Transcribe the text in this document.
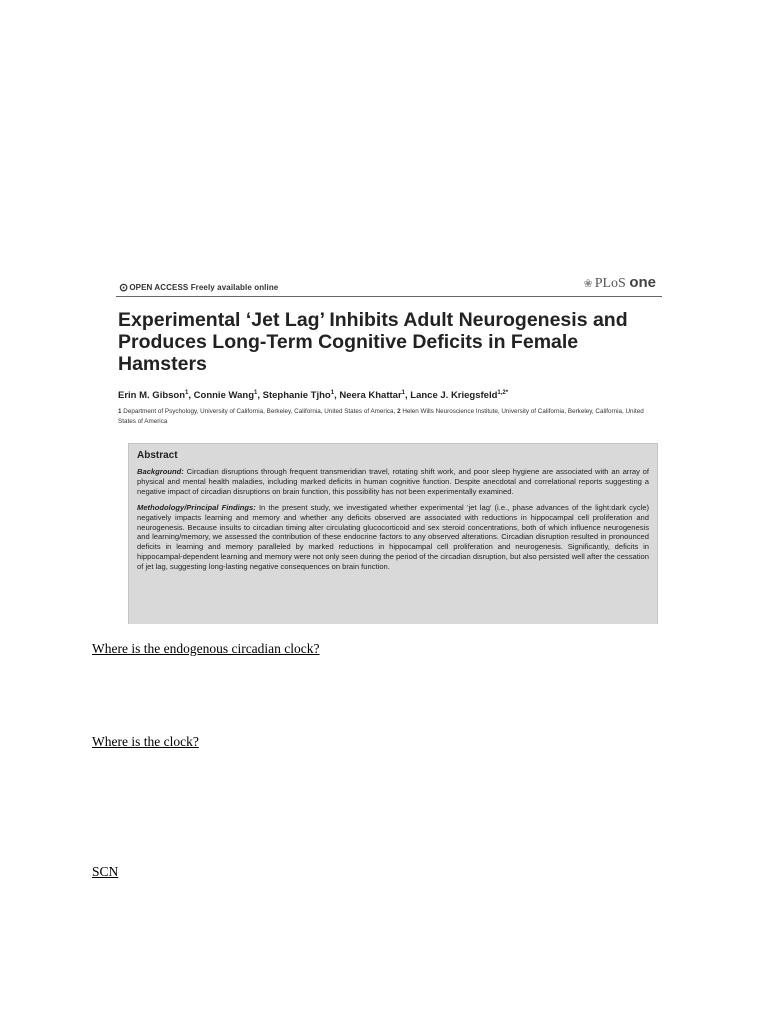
⊙OPEN ACCESS Freely available online	❀ PLoS one
Experimental ‘Jet Lag’ Inhibits Adult Neurogenesis and Produces Long-Term Cognitive Deficits in Female Hamsters
Erin M. Gibson$^1$, Connie Wang$^1$, Stephanie Tjho$^1$, Neera Khattar$^1$, Lance J. Kriegsfeld$^{1,2*}$
1 Department of Psychology, University of California, Berkeley, California, United States of America, 2 Helen Wills Neuroscience Institute, University of California, Berkeley, California, United States of America
Abstract

Background: Circadian disruptions through frequent transmeridian travel, rotating shift work, and poor sleep hygiene are associated with an array of physical and mental health maladies, including marked deficits in human cognitive function. Despite anecdotal and correlational reports suggesting a negative impact of circadian disruptions on brain function, this possibility has not been experimentally examined.

Methodology/Principal Findings: In the present study, we investigated whether experimental ‘jet lag’ (i.e., phase advances of the light:dark cycle) negatively impacts learning and memory and whether any deficits observed are associated with reductions in hippocampal cell proliferation and neurogenesis. Because insults to circadian timing alter circulating glucocorticoid and sex steroid concentrations, both of which influence neurogenesis and learning/memory, we assessed the contribution of these endocrine factors to any observed alterations. Circadian disruption resulted in pronounced deficits in learning and memory paralleled by marked reductions in hippocampal cell proliferation and neurogenesis. Significantly, deficits in hippocampal-dependent learning and memory were not only seen during the period of the circadian disruption, but also persisted well after the cessation of jet lag, suggesting long-lasting negative consequences on brain function.

Where is the endogenous circadian clock?
Where is the clock?
SCN
